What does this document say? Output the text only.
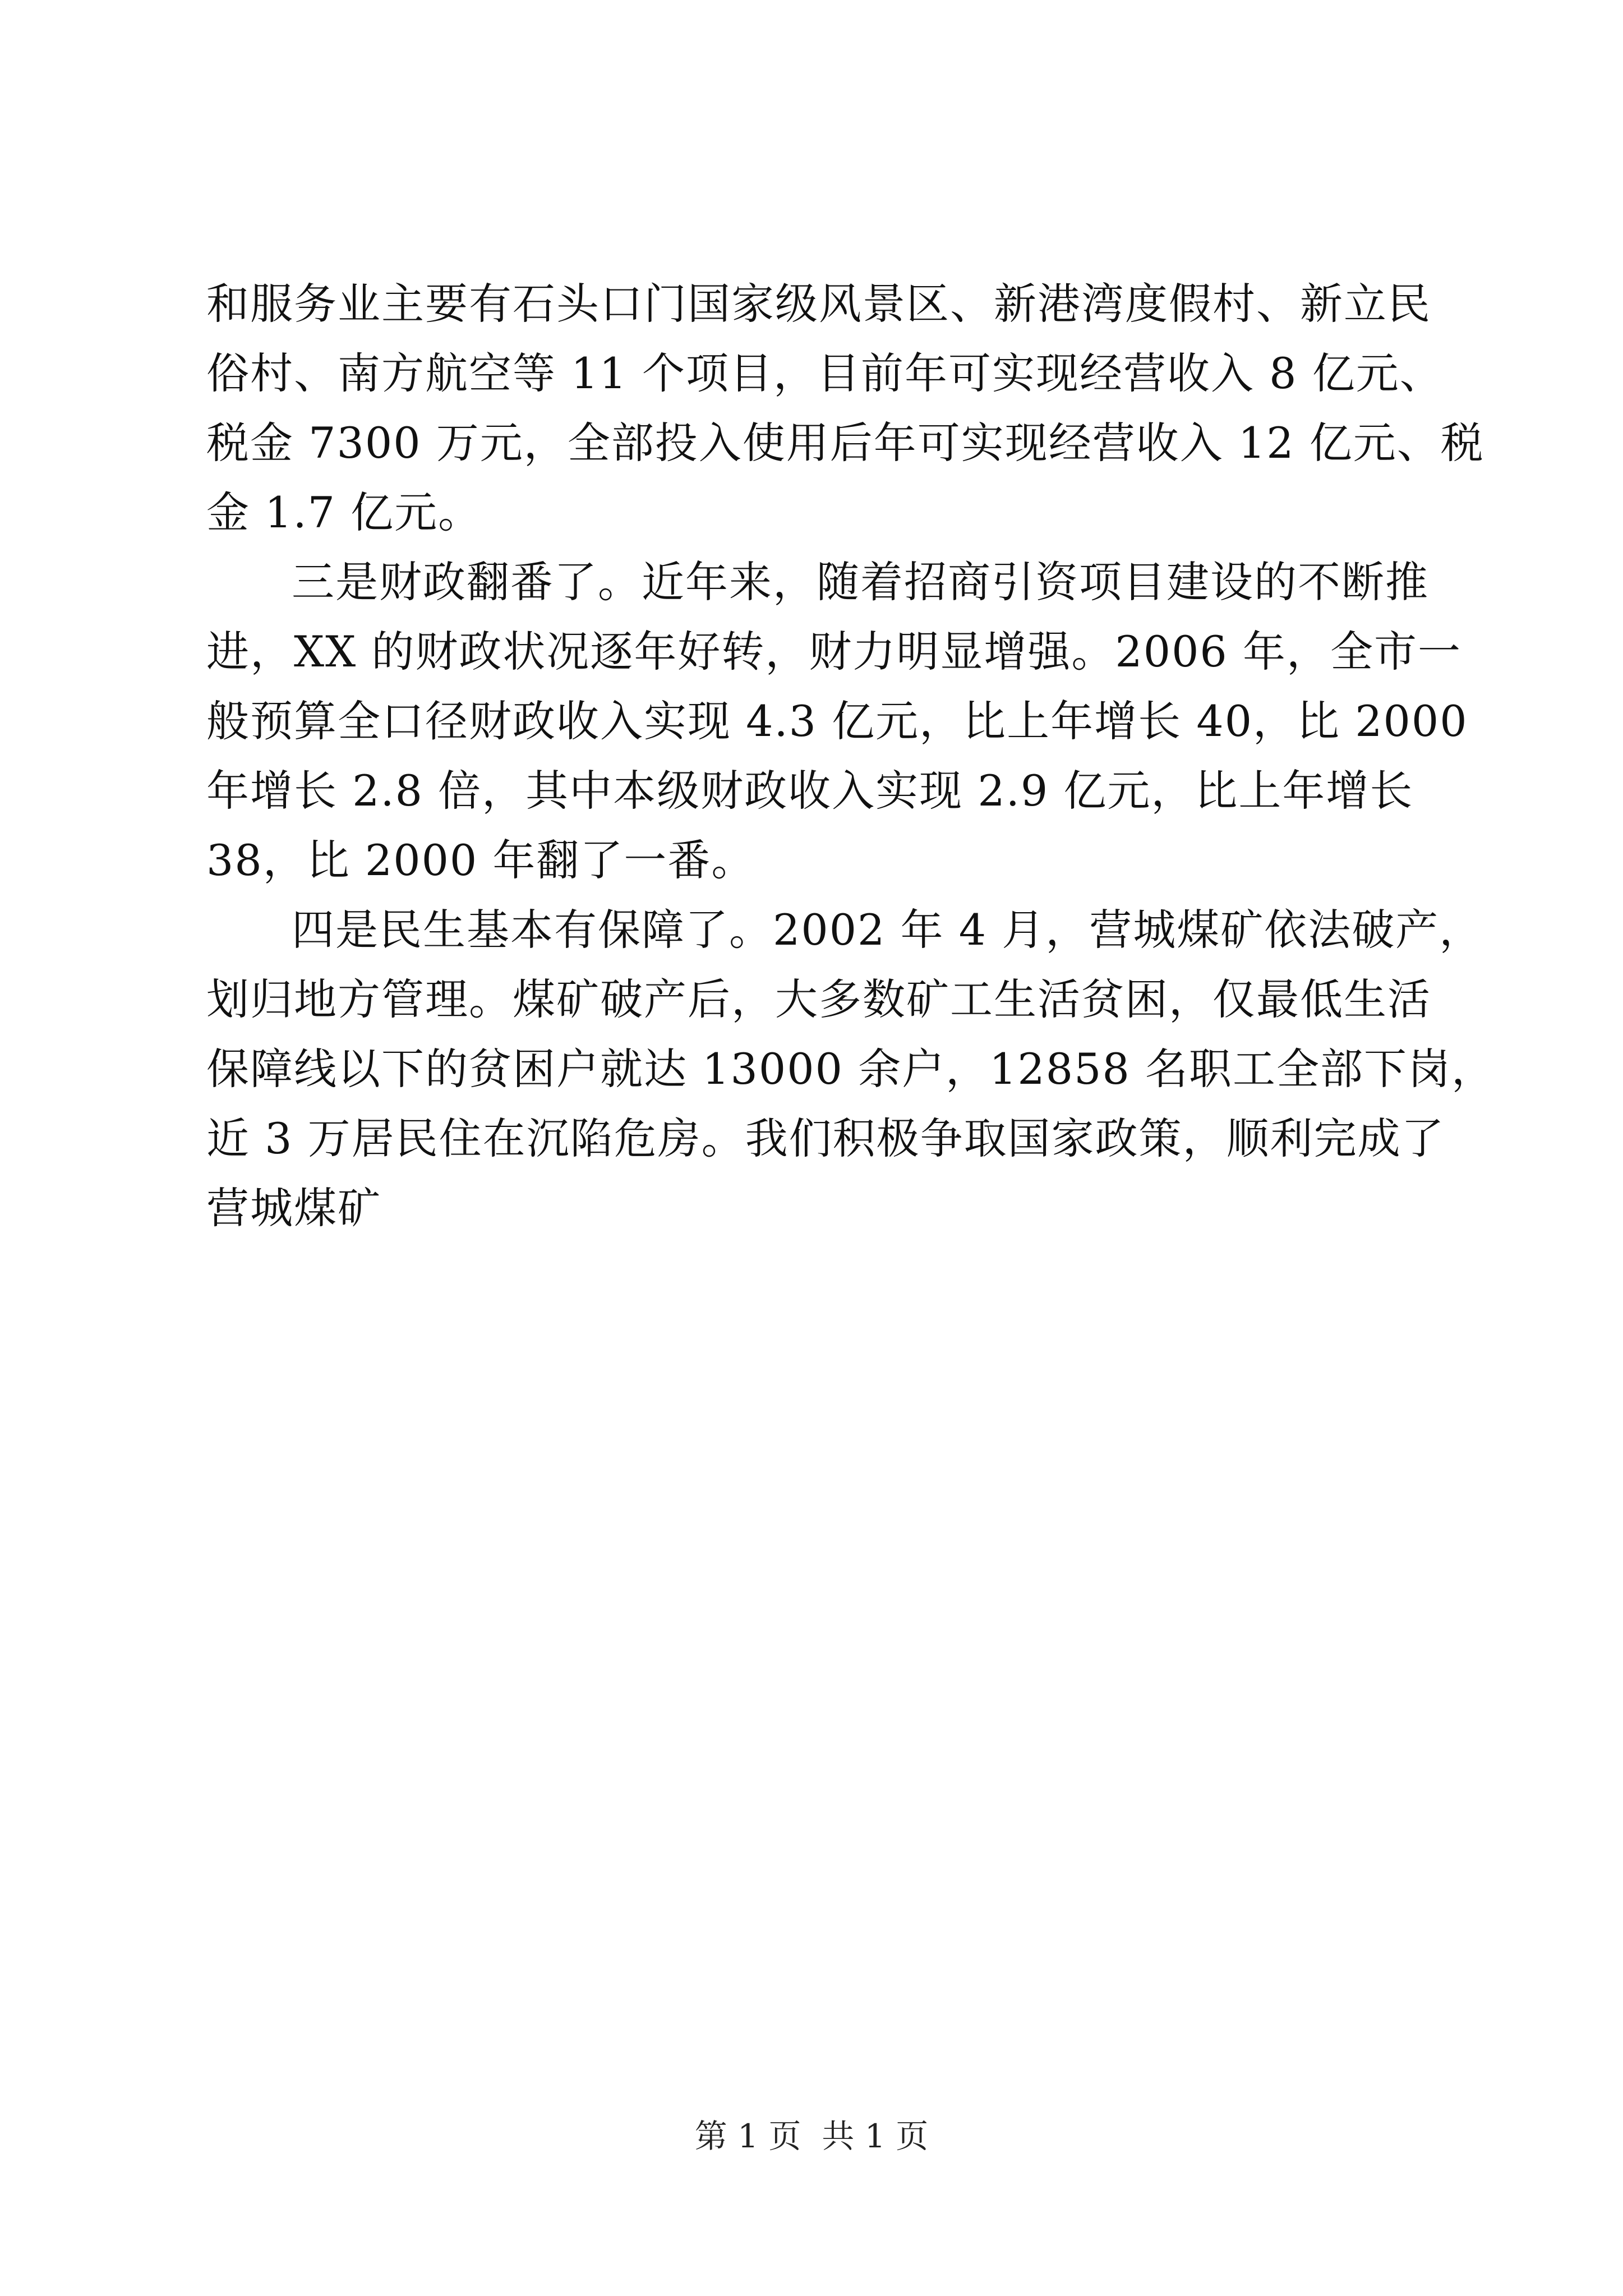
和服务业主要有石头口门国家级风景区、新港湾度假村、新立民
俗村、南方航空等 11 个项目，目前年可实现经营收入 8 亿元、
税金 7300 万元，全部投入使用后年可实现经营收入 12 亿元、税
金 1.7 亿元。
三是财政翻番了。近年来，随着招商引资项目建设的不断推
进，XX 的财政状况逐年好转，财力明显增强。2006 年，全市一
般预算全口径财政收入实现 4.3 亿元，比上年增长 40，比 2000
年增长 2.8 倍，其中本级财政收入实现 2.9 亿元，比上年增长
38，比 2000 年翻了一番。
四是民生基本有保障了。2002 年 4 月，营城煤矿依法破产，
划归地方管理。煤矿破产后，大多数矿工生活贫困，仅最低生活
保障线以下的贫困户就达 13000 余户，12858 名职工全部下岗，
近 3 万居民住在沉陷危房。我们积极争取国家政策，顺利完成了
营城煤矿
第 1 页  共 1 页
